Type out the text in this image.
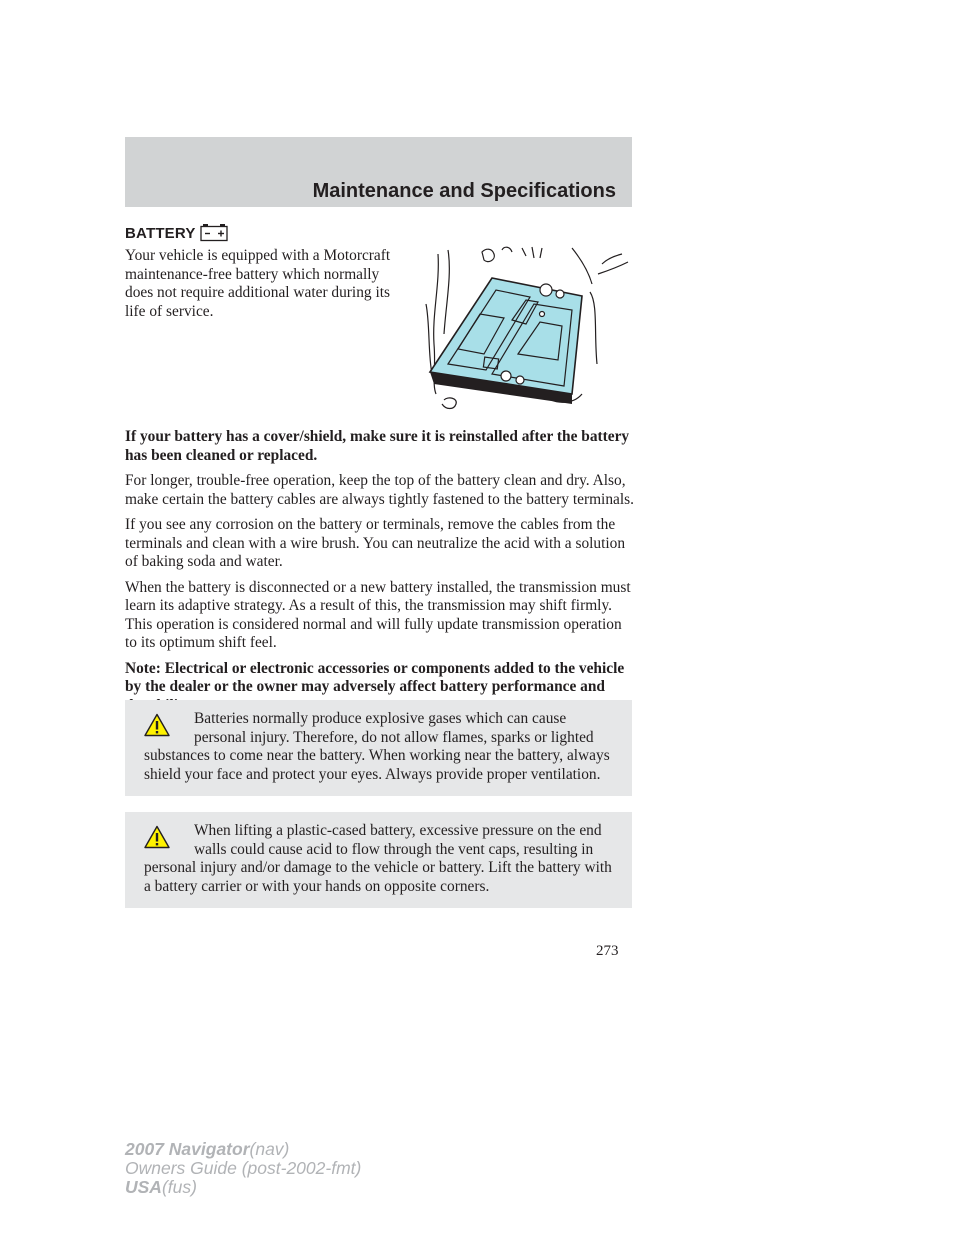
Maintenance and Specifications
BATTERY
Your vehicle is equipped with a Motorcraft maintenance-free battery which normally does not require additional water during its life of service.

If your battery has a cover/shield, make sure it is reinstalled after the battery has been cleaned or replaced.

For longer, trouble-free operation, keep the top of the battery clean and dry. Also, make certain the battery cables are always tightly fastened to the battery terminals.

If you see any corrosion on the battery or terminals, remove the cables from the terminals and clean with a wire brush. You can neutralize the acid with a solution of baking soda and water.

When the battery is disconnected or a new battery installed, the transmission must learn its adaptive strategy. As a result of this, the transmission may shift firmly. This operation is considered normal and will fully update transmission operation to its optimum shift feel.

Note: Electrical or electronic accessories or components added to the vehicle by the dealer or the owner may adversely affect battery performance and

Batteries normally produce explosive gases which can cause personal injury. Therefore, do not allow flames, sparks or lighted substances to come near the battery. When working near the battery, always shield your face and protect your eyes. Always provide proper ventilation.
When lifting a plastic-cased battery, excessive pressure on the end walls could cause acid to flow through the vent caps, resulting in personal injury and/or damage to the vehicle or battery. Lift the battery with a battery carrier or with your hands on opposite corners.
273
2007 Navigator(nav)
Owners Guide (post-2002-fmt)
USA(fus)
